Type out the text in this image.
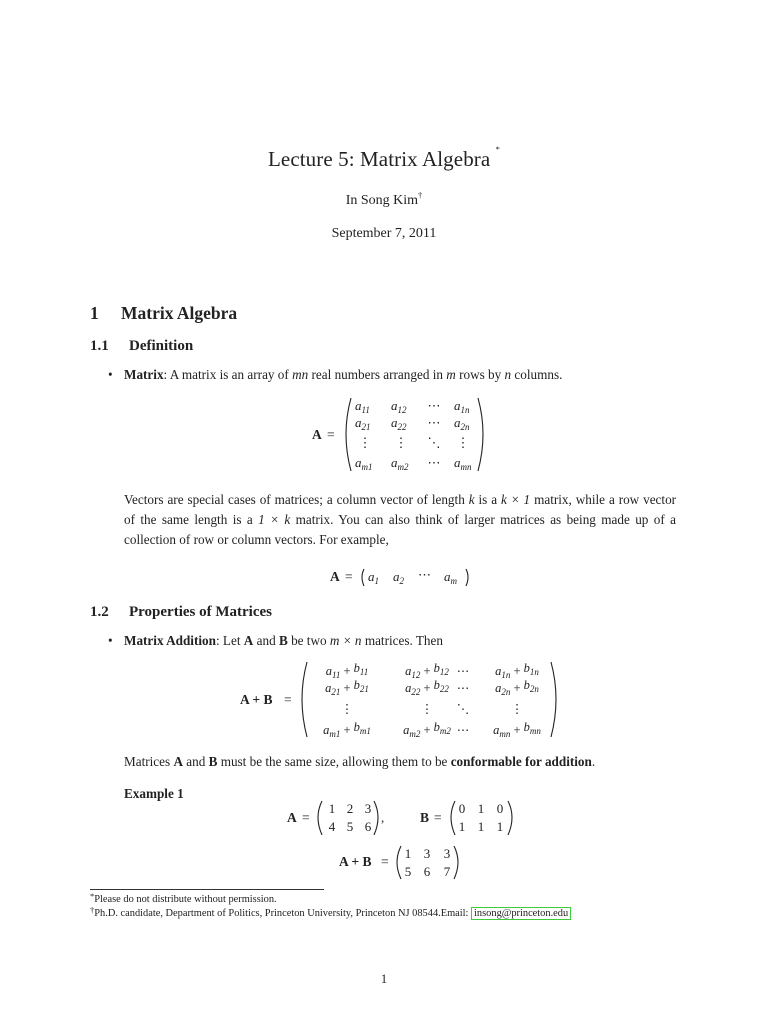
Lecture 5: Matrix Algebra *
In Song Kim†
September 7, 2011
1 Matrix Algebra
1.1 Definition
• Matrix: A matrix is an array of mn real numbers arranged in m rows by n columns.
A =
$a_{11}$ $a_{12}$ ⋯ $a_{1n}$
$a_{21}$ $a_{22}$ ⋯ $a_{2n}$
⋮ ⋮ ⋱ ⋮
$a_{m1}$ $a_{m2}$ ⋯ $a_{mn}$
Vectors are special cases of matrices; a column vector of length k is a k × 1 matrix, while a row vector of the same length is a 1 × k matrix. You can also think of larger matrices as being made up of a collection of row or column vectors. For example,
$A = a_1$ $a_2$ ⋯ $a_m$
1.2 Properties of Matrices
• Matrix Addition: Let A and B be two m × n matrices. Then
A + B =
$a_{11} + b_{11}$	$a_{12} + b_{12}$ ⋯ $a_{1n} + b_{1n}$
$a_{21} + b_{21}$	$a_{22} + b_{22}$ ⋯ $a_{2n} + b_{2n}$
⋮	⋮ ⋱	⋮
$a_{m1} + b_{m1}$	$a_{m2} + b_{m2}$ ⋯ $a_{mn} + b_{mn}$
Matrices A and B must be the same size, allowing them to be conformable for addition.
Example 1
A =	,	B =
A + B =
1 2 3
4 5 6
0 1 0
1 1 1
1 3 3
5 6 7
*Please do not distribute without permission.
†Ph.D. candidate, Department of Politics, Princeton University, Princeton NJ 08544.Email: insong@princeton.edu
1
